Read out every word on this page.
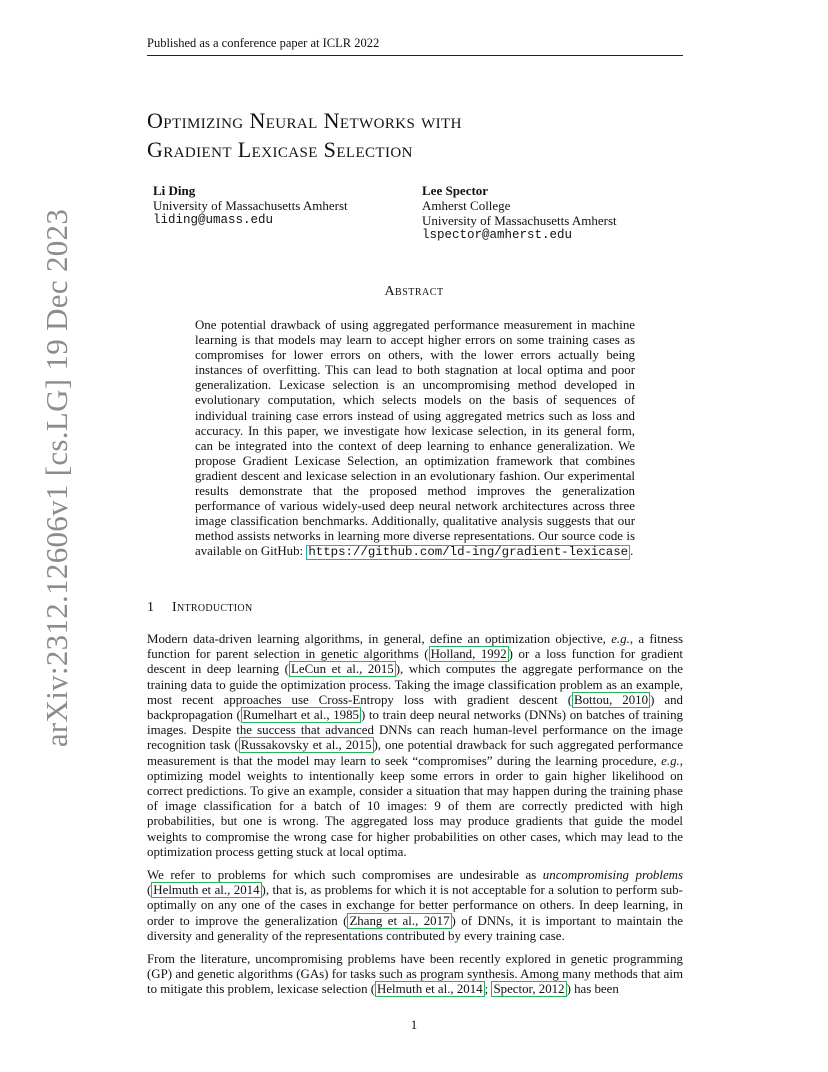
Published as a conference paper at ICLR 2022
Optimizing Neural Networks with
Gradient Lexicase Selection
Li Ding
University of Massachusetts Amherst
liding@umass.edu
Lee Spector
Amherst College
University of Massachusetts Amherst
lspector@amherst.edu
arXiv:2312.12606v1 [cs.LG] 19 Dec 2023	Abstract

One potential drawback of using aggregated performance measurement in machine learning is that models may learn to accept higher errors on some training cases as compromises for lower errors on others, with the lower errors actually being instances of overfitting. This can lead to both stagnation at local optima and poor generalization. Lexicase selection is an uncompromising method developed in evolutionary computation, which selects models on the basis of sequences of individual training case errors instead of using aggregated metrics such as loss and accuracy. In this paper, we investigate how lexicase selection, in its general form, can be integrated into the context of deep learning to enhance generalization. We propose Gradient Lexicase Selection, an optimization framework that combines gradient descent and lexicase selection in an evolutionary fashion. Our experimental results demonstrate that the proposed method improves the generalization performance of various widely-used deep neural network architectures across three image classification benchmarks. Additionally, qualitative analysis suggests that our method assists networks in learning more diverse representations. Our source code is available on GitHub: https://github.com/ld-ing/gradient-lexicase .

1 Introduction

Modern data-driven learning algorithms, in general, define an optimization objective, e.g., a fitness function for parent selection in genetic algorithms ( Holland, 1992 ) or a loss function for gradient descent in deep learning ( LeCun et al., 2015 ), which computes the aggregate performance on the training data to guide the optimization process. Taking the image classification problem as an example, most recent approaches use Cross-Entropy loss with gradient descent ( Bottou, 2010 ) and backpropagation ( Rumelhart et al., 1985 ) to train deep neural networks (DNNs) on batches of training images. Despite the success that advanced DNNs can reach human-level performance on the image recognition task ( Russakovsky et al., 2015 ), one potential drawback for such aggregated performance measurement is that the model may learn to seek “compromises” during the learning procedure, e.g., optimizing model weights to intentionally keep some errors in order to gain higher likelihood on correct predictions. To give an example, consider a situation that may happen during the training phase of image classification for a batch of 10 images: 9 of them are correctly predicted with high probabilities, but one is wrong. The aggregated loss may produce gradients that guide the model weights to compromise the wrong case for higher probabilities on other cases, which may lead to the optimization process getting stuck at local optima.

We refer to problems for which such compromises are undesirable as uncompromising problems ( Helmuth et al., 2014 ), that is, as problems for which it is not acceptable for a solution to perform sub-optimally on any one of the cases in exchange for better performance on others. In deep learning, in order to improve the generalization ( Zhang et al., 2017 ) of DNNs, it is important to maintain the diversity and generality of the representations contributed by every training case.

From the literature, uncompromising problems have been recently explored in genetic programming (GP) and genetic algorithms (GAs) for tasks such as program synthesis. Among many methods that aim to mitigate this problem, lexicase selection ( Helmuth et al., 2014 ; Spector, 2012 ) has been

1
